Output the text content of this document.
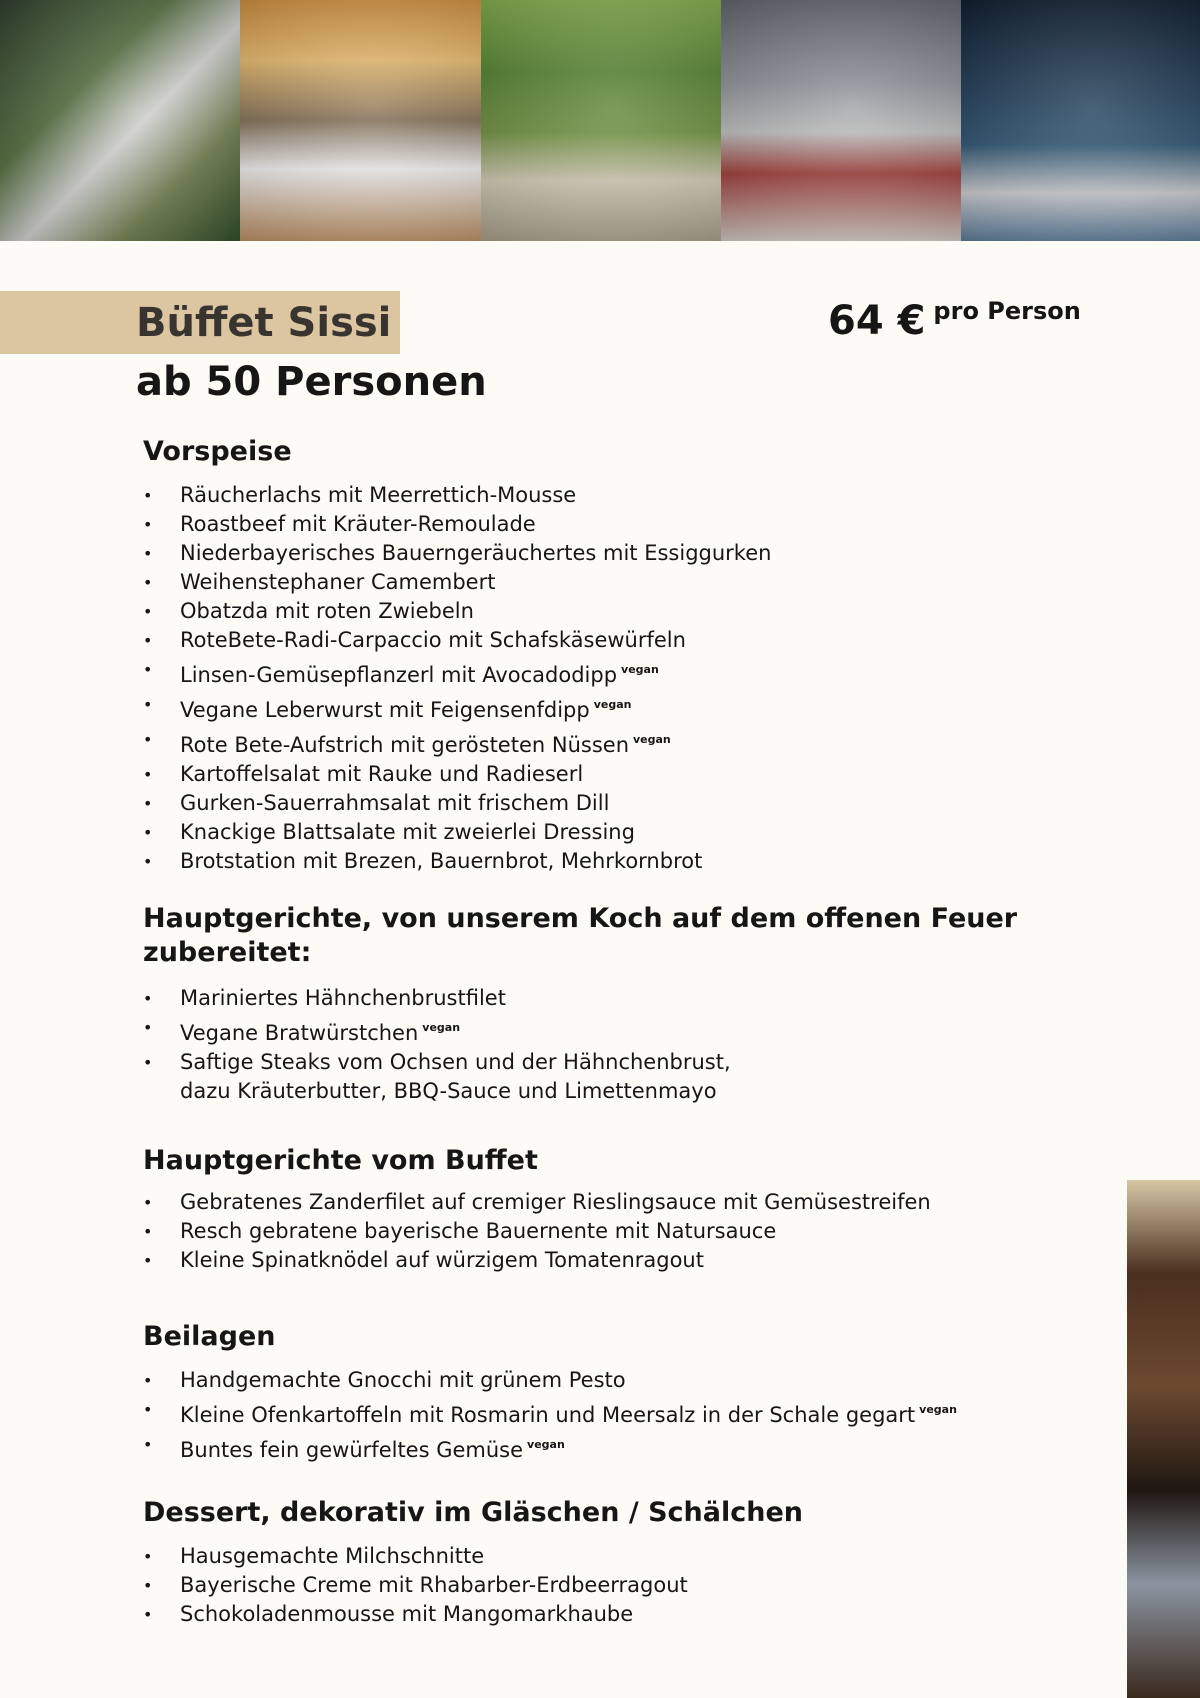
Büffet Sissi
ab 50 Personen
64 € pro Person
Vorspeise
• Räucherlachs mit Meerrettich-Mousse
• Roastbeef mit Kräuter-Remoulade
• Niederbayerisches Bauerngeräuchertes mit Essiggurken
• Weihenstephaner Camembert
• Obatzda mit roten Zwiebeln
• RoteBete-Radi-Carpaccio mit Schafskäsewürfeln
• Linsen-Gemüsepflanzerl mit Avocadodipp $^{vegan}$
• Vegane Leberwurst mit Feigensenfdipp $^{vegan}$
• Rote Bete-Aufstrich mit gerösteten Nüssen $^{vegan}$
• Kartoffelsalat mit Rauke und Radieserl
• Gurken-Sauerrahmsalat mit frischem Dill
• Knackige Blattsalate mit zweierlei Dressing
• Brotstation mit Brezen, Bauernbrot, Mehrkornbrot
Hauptgerichte, von unserem Koch auf dem offenen Feuer
zubereitet:
• Mariniertes Hähnchenbrustfilet
• Vegane Bratwürstchen $^{vegan}$
• Saftige Steaks vom Ochsen und der Hähnchenbrust,
dazu Kräuterbutter, BBQ-Sauce und Limettenmayo
Hauptgerichte vom Buffet
• Gebratenes Zanderfilet auf cremiger Rieslingsauce mit Gemüsestreifen
• Resch gebratene bayerische Bauernente mit Natursauce
• Kleine Spinatknödel auf würzigem Tomatenragout
Beilagen
• Handgemachte Gnocchi mit grünem Pesto
• Kleine Ofenkartoffeln mit Rosmarin und Meersalz in der Schale gegart $^{vegan}$
• Buntes fein gewürfeltes Gemüse $^{vegan}$
Dessert, dekorativ im Gläschen / Schälchen
• Hausgemachte Milchschnitte
• Bayerische Creme mit Rhabarber-Erdbeerragout
• Schokoladenmousse mit Mangomarkhaube
